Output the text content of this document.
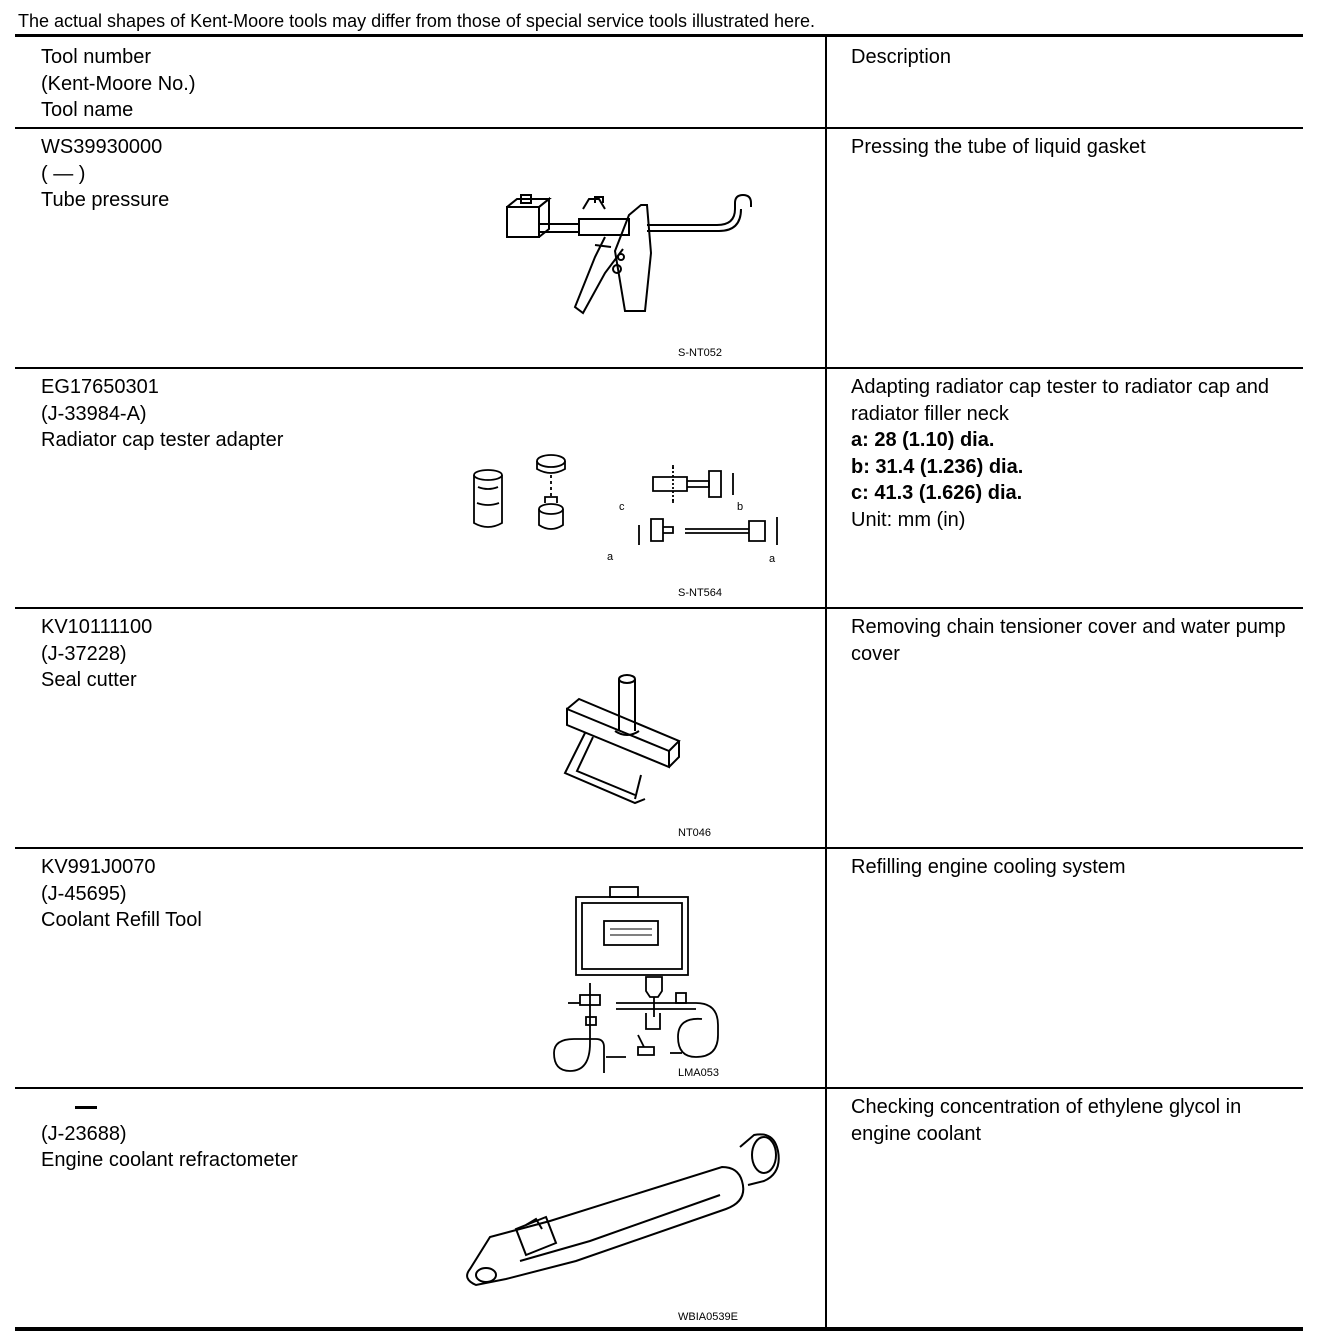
The actual shapes of Kent-Moore tools may differ from those of special service tools illustrated here.
Tool number
(Kent-Moore No.)
Tool name
Description
WS39930000
( — )
Tube pressure
Pressing the tube of liquid gasket
S-NT052
EG17650301
(J-33984-A)
Radiator cap tester adapter
Adapting radiator cap tester to radiator cap and radiator filler neck
a: 28 (1.10) dia.
b: 31.4 (1.236) dia.
c: 41.3 (1.626) dia.
Unit: mm (in)
c	b
a	a
S-NT564
KV10111100
(J-37228)
Seal cutter
Removing chain tensioner cover and water pump cover
NT046
KV991J0070
(J-45695)
Coolant Refill Tool
Refilling engine cooling system
LMA053
(J-23688)
Engine coolant refractometer
Checking concentration of ethylene glycol in engine coolant
WBIA0539E
